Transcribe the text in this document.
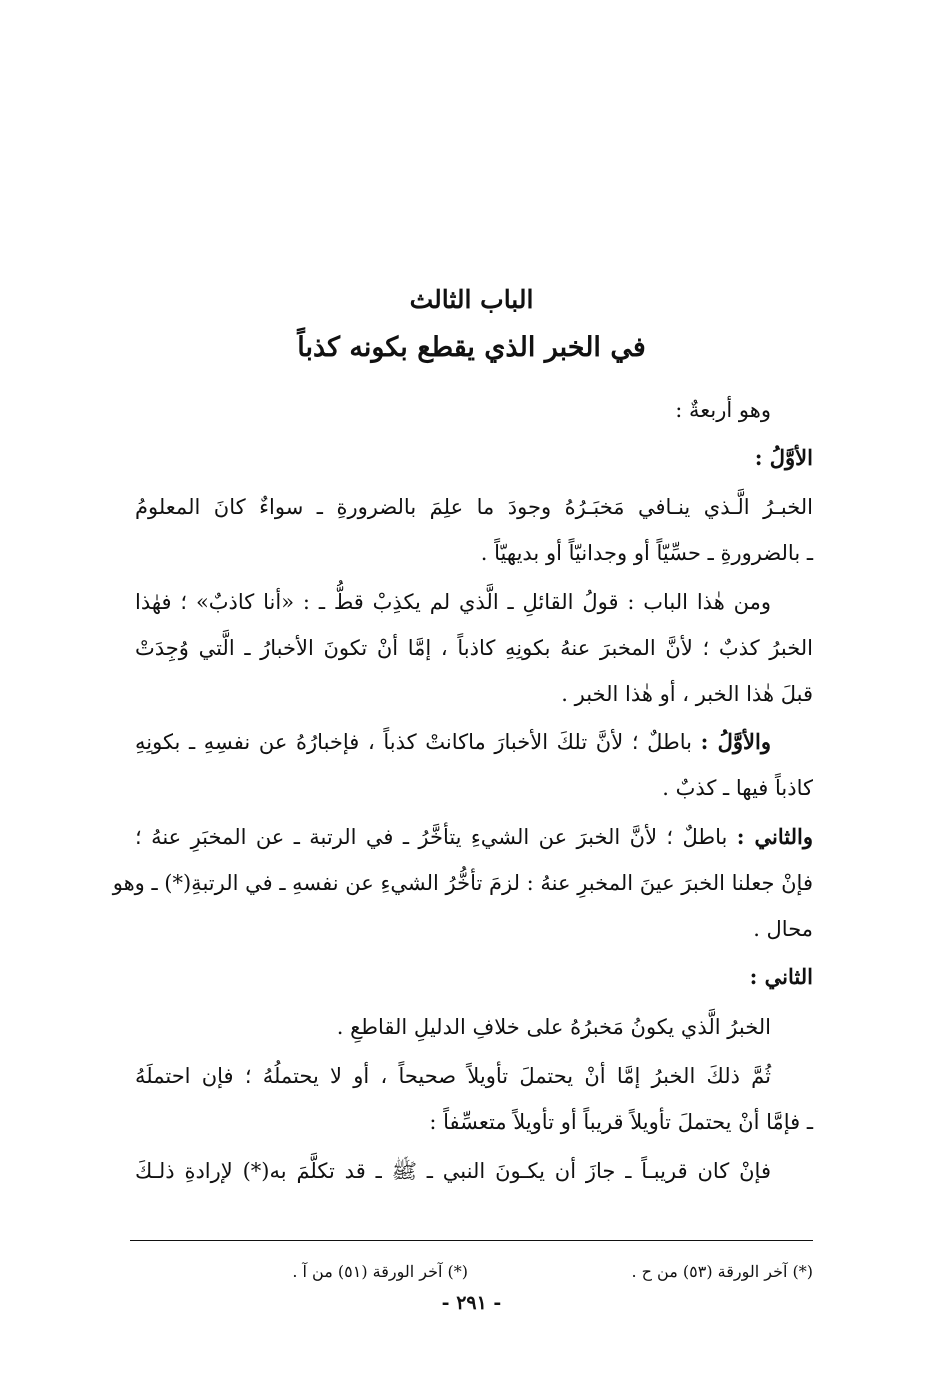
الباب الثالث
في الخبر الذي يقطع بكونه كذباً
وهو أربعةٌ :
الأوَّلُ :
الخبـرُ الَّـذي ينـافي مَخبَـرُهُ وجودَ ما علِمَ بالضرورةِ ـ سواءٌ كانَ المعلومُ
ـ بالضرورةِ ـ حسِّيّاً أو وجدانيّاً أو بديهيّاً .
ومن هٰذا الباب : قولُ القائلِ ـ الَّذي لم يكذِبْ قطُّ ـ : «أنا كاذبٌ» ؛ فهٰذا
الخبرُ كذبٌ ؛ لأنَّ المخبرَ عنهُ بكونِهِ كاذباً ، إمَّا أنْ تكونَ الأخبارُ ـ الَّتي وُجِدَتْ
قبلَ هٰذا الخبر ، أو هٰذا الخبر .
والأوَّلُ : باطلٌ ؛ لأنَّ تلكَ الأخبارَ ماكانتْ كذباً ، فإخبارُهُ عن نفسِهِ ـ بكونِهِ
كاذباً فيها ـ كذبٌ .
والثاني : باطلٌ ؛ لأنَّ الخبرَ عن الشيءِ يتأخَّرُ ـ في الرتبة ـ عن المخبَرِ عنهُ ؛
فإنْ جعلنا الخبرَ عينَ المخبرِ عنهُ : لزمَ تأخُّرُ الشيءِ عن نفسهِ ـ في الرتبةِ(*) ـ وهو
محال .
الثاني :
الخبرُ الَّذي يكونُ مَخبرُهُ على خلافِ الدليلِ القاطعِ .
ثُمَّ ذلكَ الخبرُ إمَّا أنْ يحتملَ تأويلاً صحيحاً ، أو لا يحتملُهُ ؛ فإن احتملَهُ
ـ فإمَّا أنْ يحتملَ تأويلاً قريباً أو تأويلاً متعسِّفاً :
فإنْ كان قريبـاً ـ جازَ أن يكـونَ النبي ـ ﷺ ـ قد تكلَّمَ به(*) لإرادةِ ذلـكَ
(*) آخر الورقة (٥٣) من ح .
(*) آخر الورقة (٥١) من آ .
- ٢٩١ -
